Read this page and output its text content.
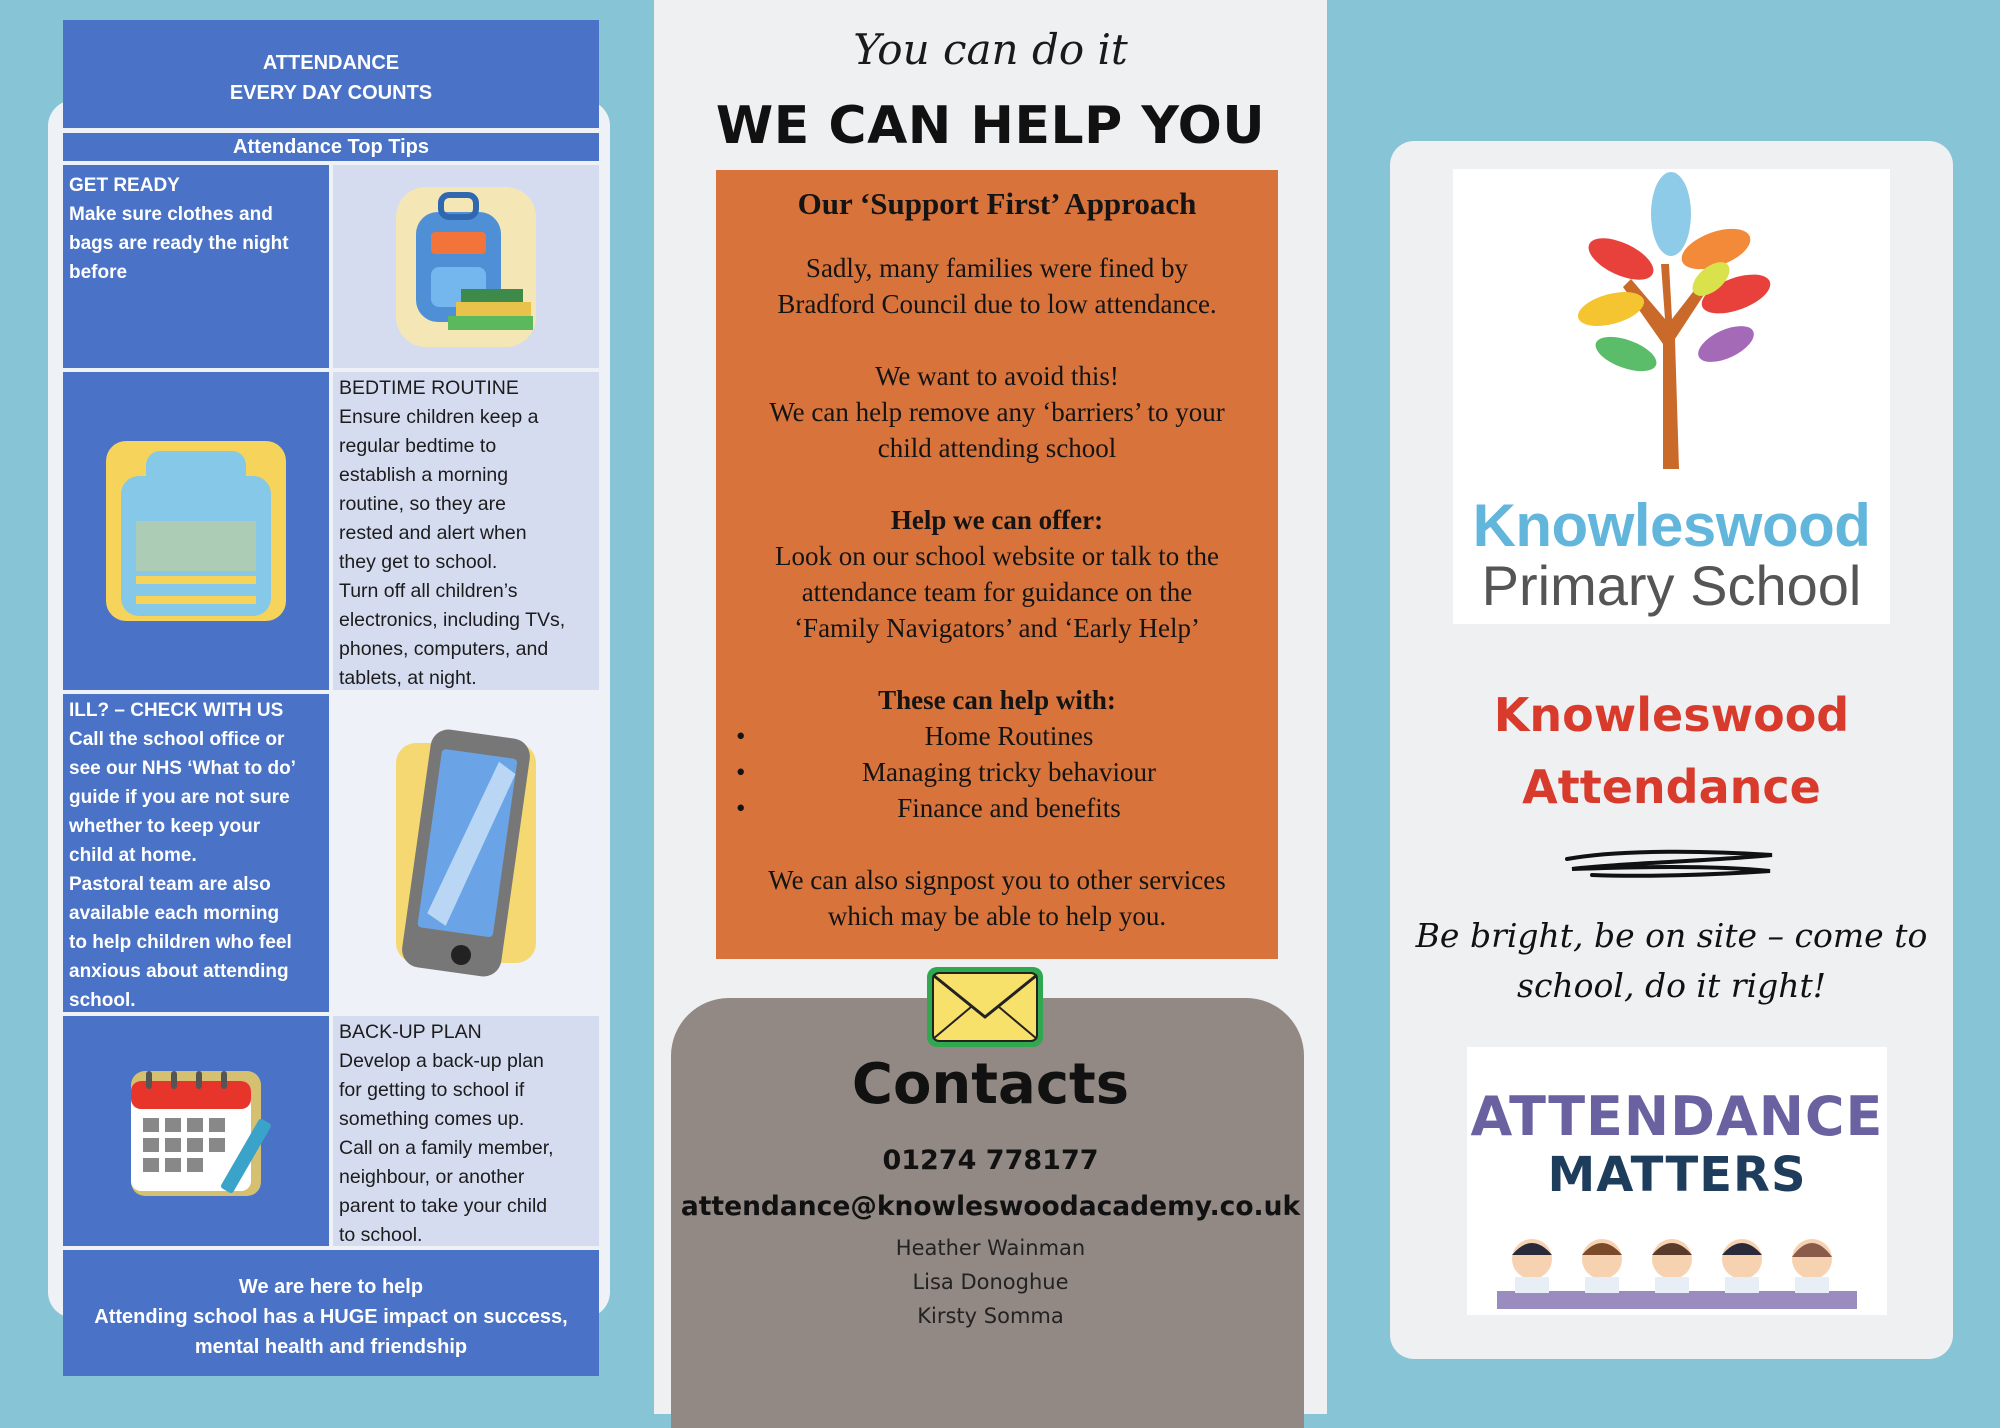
ATTENDANCE
EVERY DAY COUNTS
Attendance Top Tips
GET READY
Make sure clothes and
bags are ready the night
before
BEDTIME ROUTINE
Ensure children keep a
regular bedtime to
establish a morning
routine, so they are
rested and alert when
they get to school.
Turn off all children’s
electronics, including TVs,
phones, computers, and
tablets, at night.
ILL? – CHECK WITH US
Call the school office or
see our NHS ‘What to do’
guide if you are not sure
whether to keep your
child at home.
Pastoral team are also
available each morning
to help children who feel
anxious about attending
school.
BACK-UP PLAN
Develop a back-up plan
for getting to school if
something comes up.
Call on a family member,
neighbour, or another
parent to take your child
to school.
We are here to help
Attending school has a HUGE impact on success,
mental health and friendship
You can do it
WE CAN HELP YOU

Our ‘Support First’ Approach

Sadly, many families were fined by

Bradford Council due to low attendance.

We want to avoid this!

We can help remove any ‘barriers’ to your

child attending school

Help we can offer:

Look on our school website or talk to the

attendance team for guidance on the

‘Family Navigators’ and ‘Early Help’

These can help with:

•	Home Routines
•	Managing tricky behaviour
•	Finance and benefits

We can also signpost you to other services

which may be able to help you.

Contacts
01274 778177
attendance@knowleswoodacademy.co.uk
Heather Wainman
Lisa Donoghue
Kirsty Somma
Knowleswood
Primary School
Knowleswood
Attendance
Be bright, be on site – come to
school, do it right!
ATTENDANCE
MATTERS
